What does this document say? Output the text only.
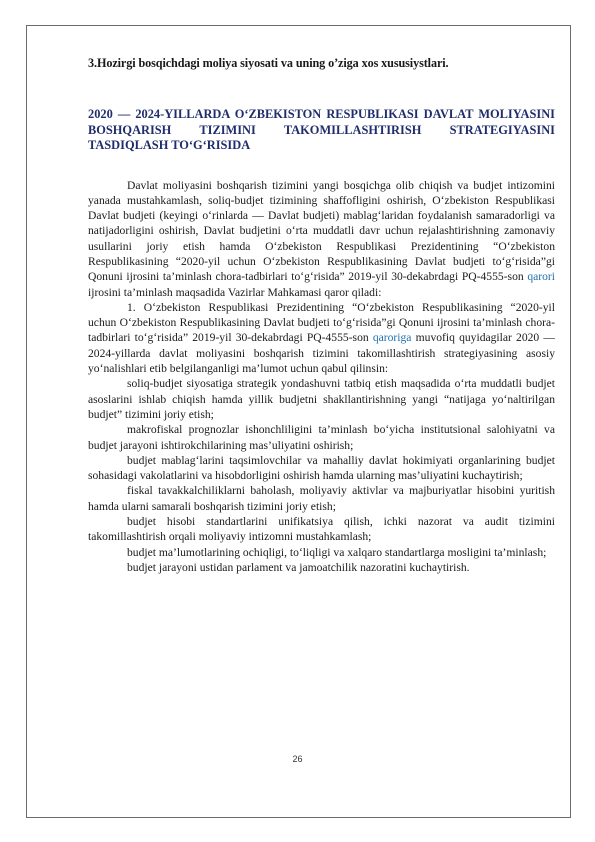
3.Hozirgi bosqichdagi moliya siyosati va uning o’ziga xos xususiystlari.

2020 — 2024-YILLARDA O‘ZBEKISTON RESPUBLIKASI DAVLAT MOLIYASINI BOSHQARISH TIZIMINI TAKOMILLASHTIRISH STRATEGIYASINI TASDIQLASH TO‘G‘RISIDA

Davlat moliyasini boshqarish tizimini yangi bosqichga olib chiqish va budjet intizomini yanada mustahkamlash, soliq-budjet tizimining shaffofligini oshirish, O‘zbekiston Respublikasi Davlat budjeti (keyingi o‘rinlarda — Davlat budjeti) mablag‘laridan foydalanish samaradorligi va natijadorligini oshirish, Davlat budjetini o‘rta muddatli davr uchun rejalashtirishning zamonaviy usullarini joriy etish hamda O‘zbekiston Respublikasi Prezidentining “O‘zbekiston Respublikasining “2020-yil uchun O‘zbekiston Respublikasining Davlat budjeti to‘g‘risida”gi Qonuni ijrosini ta’minlash chora-tadbirlari to‘g‘risida” 2019-yil 30-dekabrdagi PQ-4555-son qarori ijrosini ta’minlash maqsadida Vazirlar Mahkamasi qaror qiladi:

1. O‘zbekiston Respublikasi Prezidentining “O‘zbekiston Respublikasining “2020-yil uchun O‘zbekiston Respublikasining Davlat budjeti to‘g‘risida”gi Qonuni ijrosini ta’minlash chora-tadbirlari to‘g‘risida” 2019-yil 30-dekabrdagi PQ-4555-son qaroriga muvofiq quyidagilar 2020 — 2024-yillarda davlat moliyasini boshqarish tizimini takomillashtirish strategiyasining asosiy yo‘nalishlari etib belgilanganligi ma’lumot uchun qabul qilinsin:

soliq-budjet siyosatiga strategik yondashuvni tatbiq etish maqsadida o‘rta muddatli budjet asoslarini ishlab chiqish hamda yillik budjetni shakllantirishning yangi “natijaga yo‘naltirilgan budjet” tizimini joriy etish;

makrofiskal prognozlar ishonchliligini ta’minlash bo‘yicha institutsional salohiyatni va budjet jarayoni ishtirokchilarining mas’uliyatini oshirish;

budjet mablag‘larini taqsimlovchilar va mahalliy davlat hokimiyati organlarining budjet sohasidagi vakolatlarini va hisobdorligini oshirish hamda ularning mas’uliyatini kuchaytirish;

fiskal tavakkalchiliklarni baholash, moliyaviy aktivlar va majburiyatlar hisobini yuritish hamda ularni samarali boshqarish tizimini joriy etish;

budjet hisobi standartlarini unifikatsiya qilish, ichki nazorat va audit tizimini takomillashtirish orqali moliyaviy intizomni mustahkamlash;

budjet ma’lumotlarining ochiqligi, to‘liqligi va xalqaro standartlarga mosligini ta’minlash;

budjet jarayoni ustidan parlament va jamoatchilik nazoratini kuchaytirish.

26
